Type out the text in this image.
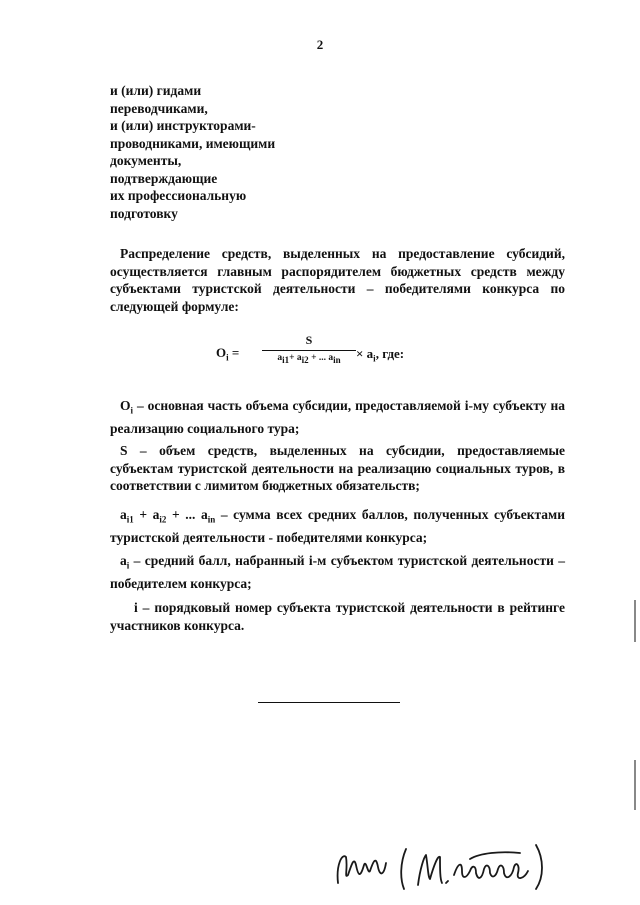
2
и (или) гидами
переводчиками,
и (или) инструкторами-
проводниками, имеющими
документы,
подтверждающие
их профессиональную
подготовку
Распределение средств, выделенных на предоставление субсидий, осуществляется главным распорядителем бюджетных средств между субъектами туристской деятельности – победителями конкурса по следующей формуле:
$O_i$ =
S
$a_{i1}+ a_{i2}$ + ... $a_{in}$	× $a_i$, где:
$O_i$ – основная часть объема субсидии, предоставляемой i-му субъекту на реализацию социального тура;
S – объем средств, выделенных на субсидии, предоставляемые субъектам туристской деятельности на реализацию социальных туров, в соответствии с лимитом бюджетных обязательств;
$a_{i1} + a_{i2}$ + ... $a_{in}$ – сумма всех средних баллов, полученных субъектами туристской деятельности - победителями конкурса;
$a_i$ – средний балл, набранный i-м субъектом туристской деятельности – победителем конкурса;
i – порядковый номер субъекта туристской деятельности в рейтинге участников конкурса.
